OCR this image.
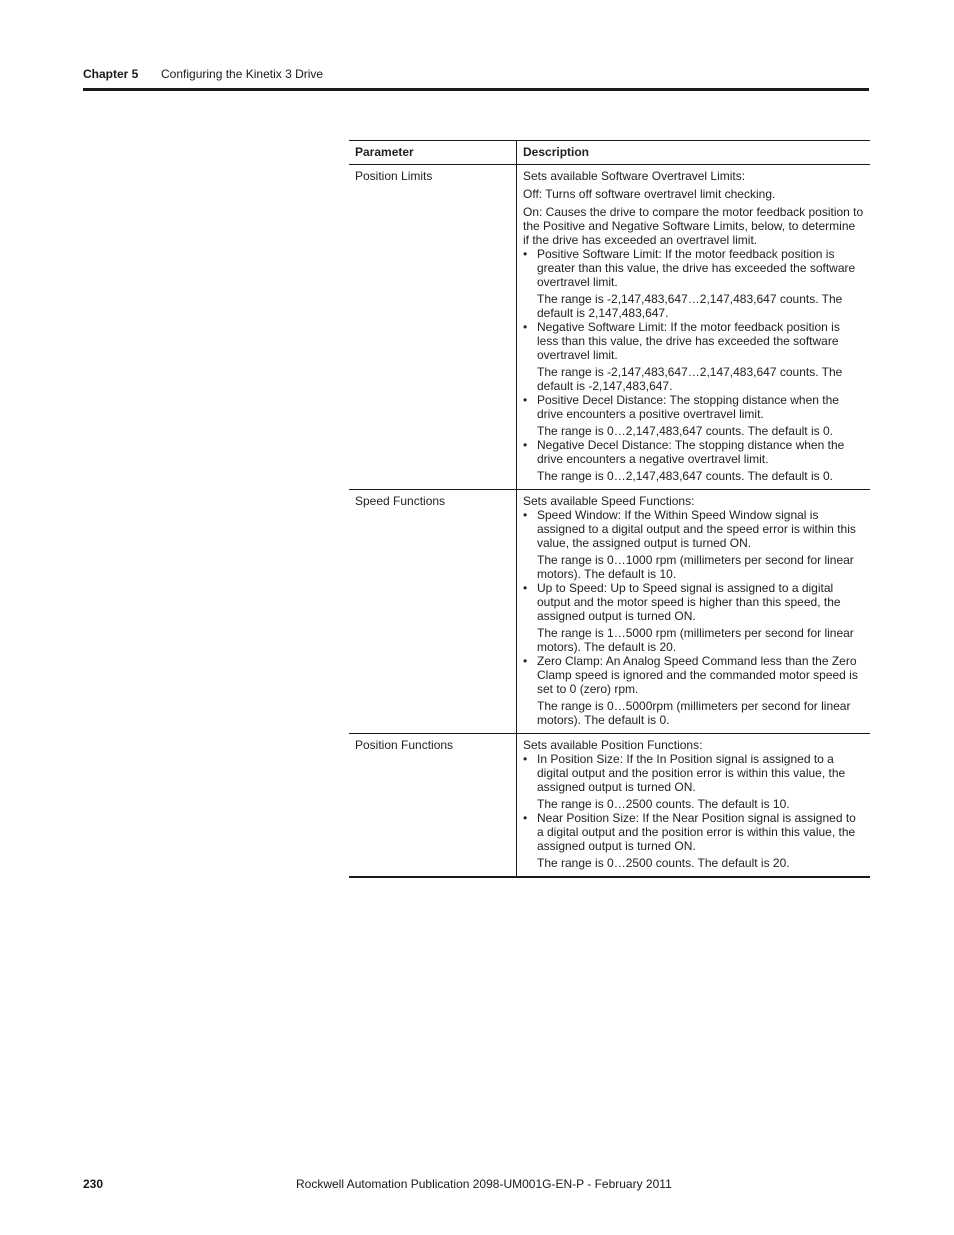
Chapter 5 Configuring the Kinetix 3 Drive
Parameter	Description
Position Limits	Sets available Software Overtravel Limits:

Off: Turns off software overtravel limit checking.

On: Causes the drive to compare the motor feedback position to the Positive and Negative Software Limits, below, to determine if the drive has exceeded an overtravel limit.

• Positive Software Limit: If the motor feedback position is greater than this value, the drive has exceeded the software overtravel limit.

The range is -2,147,483,647…2,147,483,647 counts. The default is 2,147,483,647.

• Negative Software Limit: If the motor feedback position is less than this value, the drive has exceeded the software overtravel limit.

The range is -2,147,483,647…2,147,483,647 counts. The default is -2,147,483,647.

• Positive Decel Distance: The stopping distance when the drive encounters a positive overtravel limit.

The range is 0…2,147,483,647 counts. The default is 0.

• Negative Decel Distance: The stopping distance when the drive encounters a negative overtravel limit.

The range is 0…2,147,483,647 counts. The default is 0.

Speed Functions	Sets available Speed Functions:

• Speed Window: If the Within Speed Window signal is assigned to a digital output and the speed error is within this value, the assigned output is turned ON.

The range is 0…1000 rpm (millimeters per second for linear motors). The default is 10.

• Up to Speed: Up to Speed signal is assigned to a digital output and the motor speed is higher than this speed, the assigned output is turned ON.

The range is 1…5000 rpm (millimeters per second for linear motors). The default is 20.

• Zero Clamp: An Analog Speed Command less than the Zero Clamp speed is ignored and the commanded motor speed is set to 0 (zero) rpm.

The range is 0…5000rpm (millimeters per second for linear motors). The default is 0.

Position Functions	Sets available Position Functions:

• In Position Size: If the In Position signal is assigned to a digital output and the position error is within this value, the assigned output is turned ON.

The range is 0…2500 counts. The default is 10.

• Near Position Size: If the Near Position signal is assigned to a digital output and the position error is within this value, the assigned output is turned ON.

The range is 0…2500 counts. The default is 20.

230	Rockwell Automation Publication 2098-UM001G-EN-P - February 2011
